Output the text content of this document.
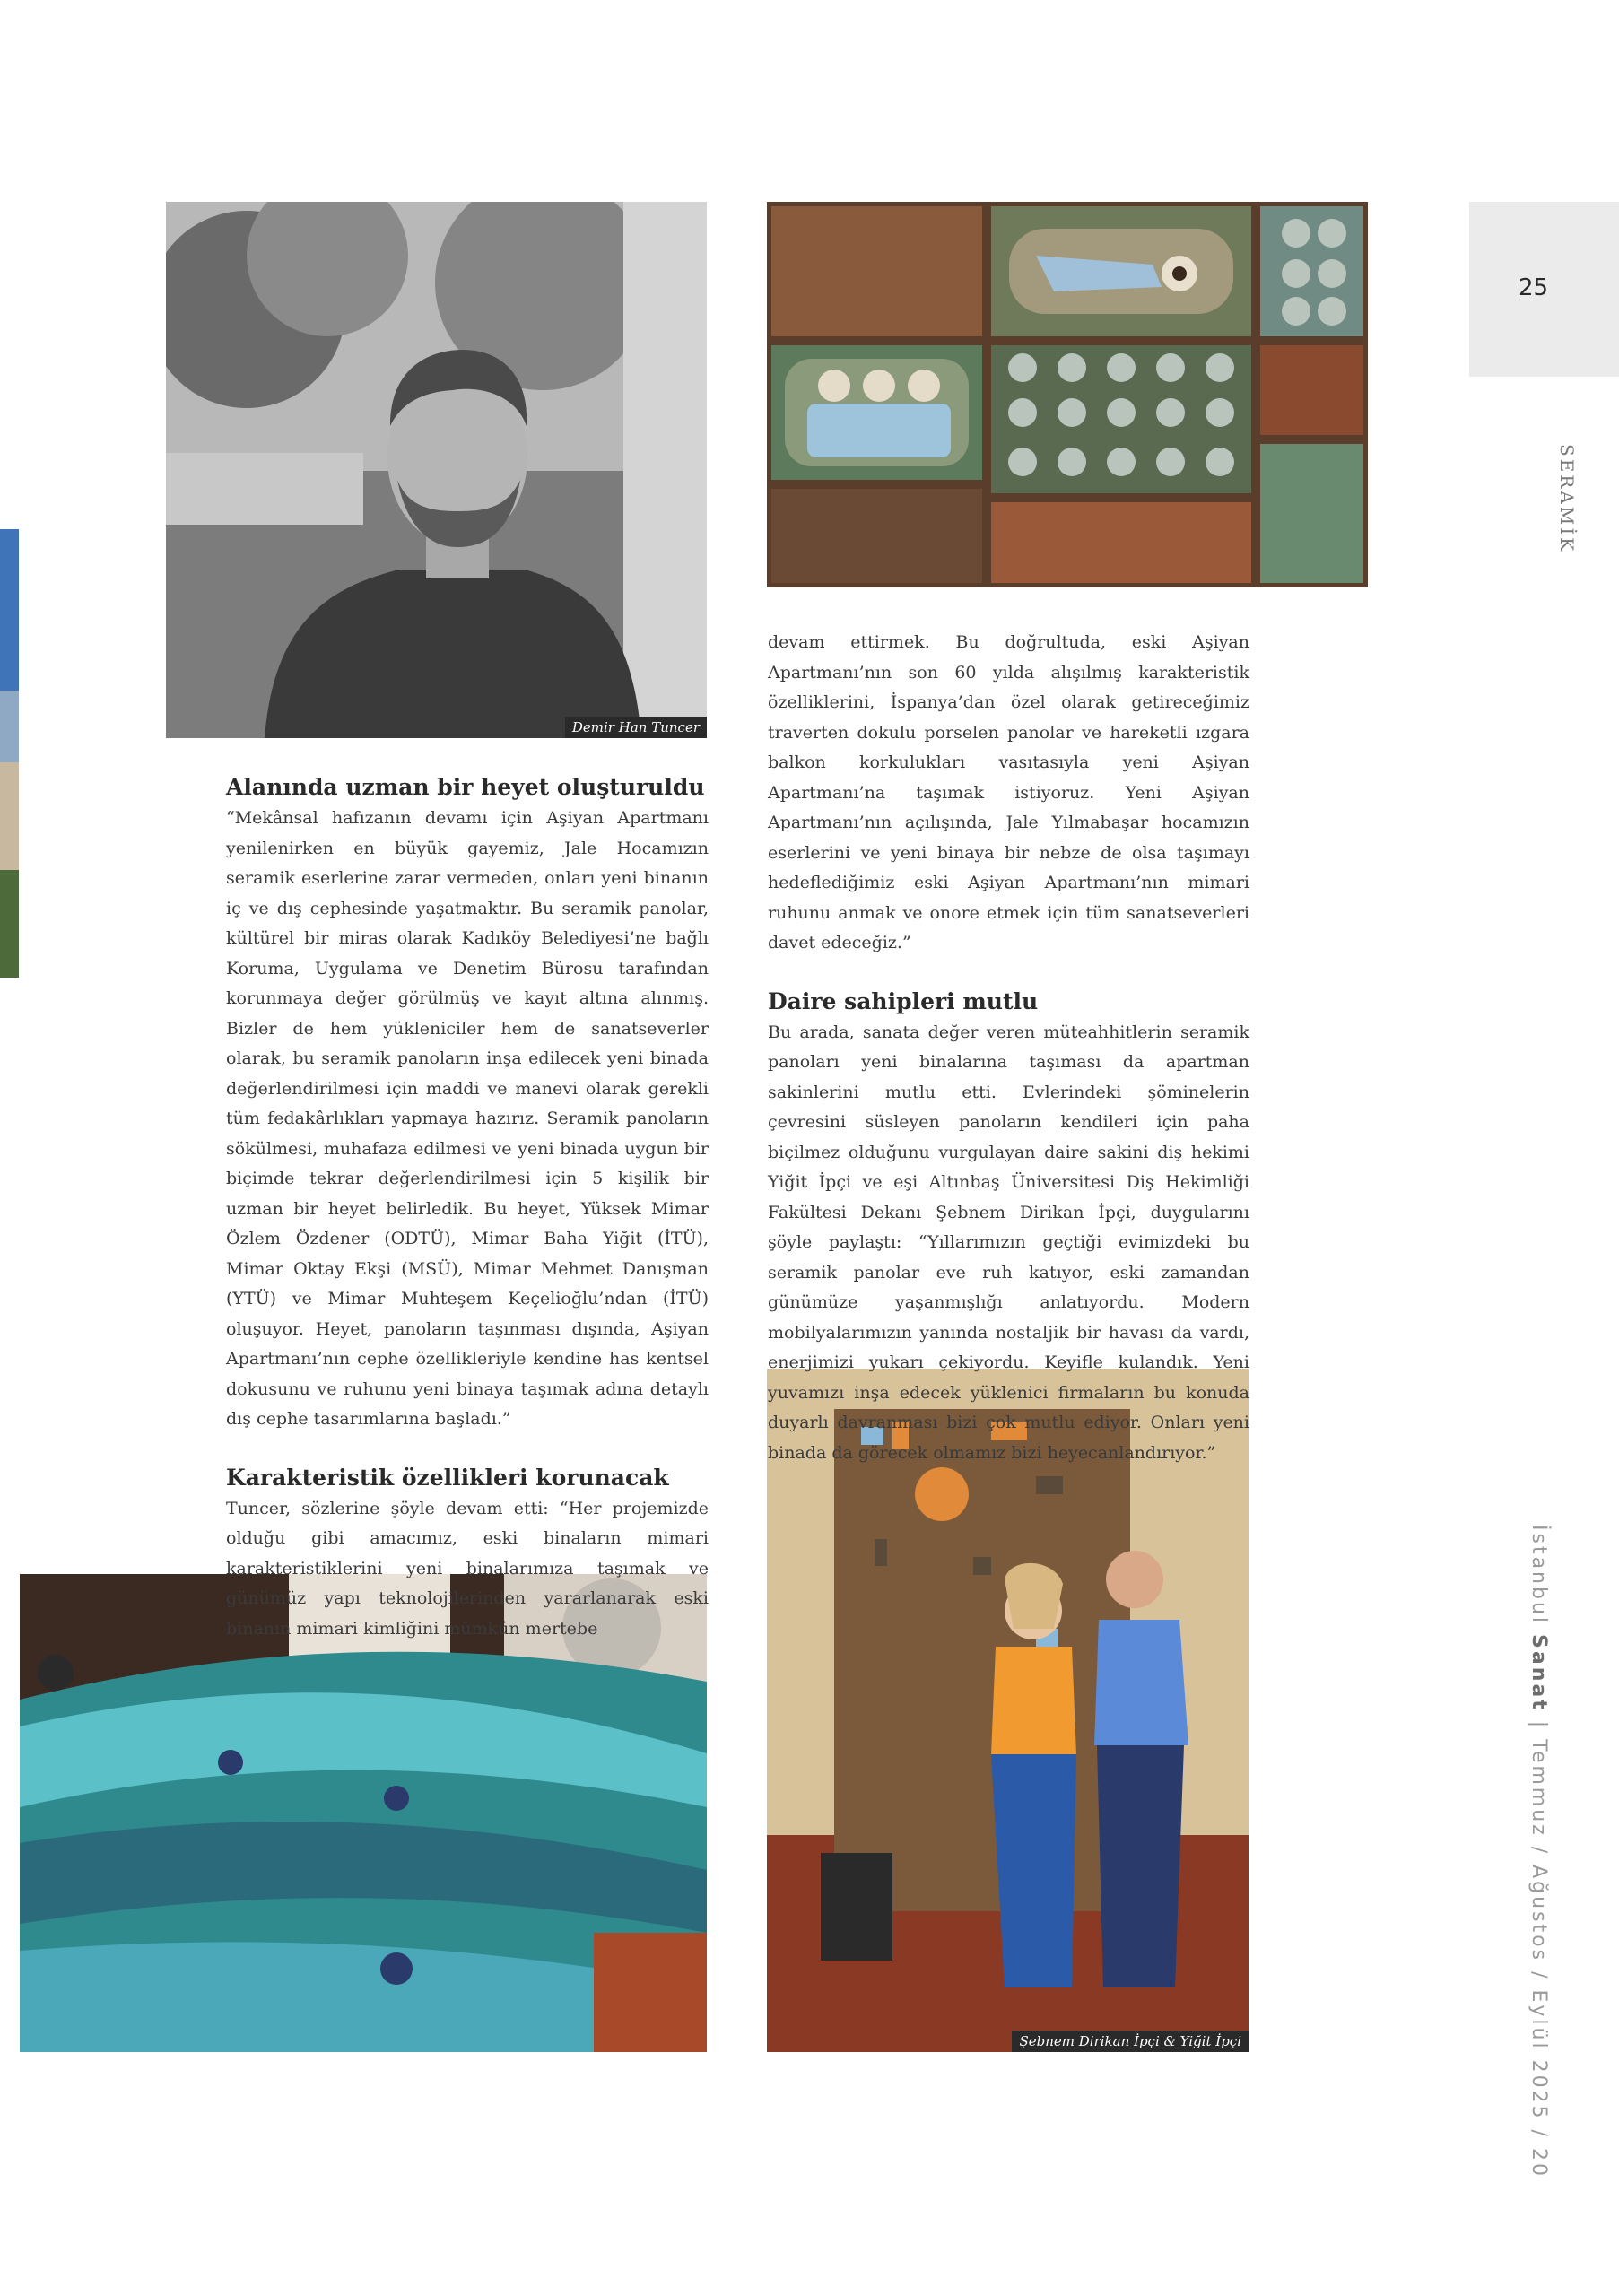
Demir Han Tuncer
Şebnem Dirikan İpçi & Yiğit İpçi
Alanında uzman bir heyet oluşturuldu

“Mekânsal hafızanın devamı için Aşiyan Apartmanı yenilenirken en büyük gayemiz, Jale Hocamızın seramik eserlerine zarar vermeden, onları yeni binanın iç ve dış cephesinde yaşatmaktır. Bu seramik panolar, kültürel bir miras olarak Kadıköy Belediyesi’ne bağlı Koruma, Uygulama ve Denetim Bürosu tarafından korunmaya değer görülmüş ve kayıt altına alınmış. Bizler de hem yükleniciler hem de sanatseverler olarak, bu seramik panoların inşa edilecek yeni binada değerlendirilmesi için maddi ve manevi olarak gerekli tüm fedakârlıkları yapmaya hazırız. Seramik panoların sökülmesi, muhafaza edilmesi ve yeni binada uygun bir biçimde tekrar değerlendirilmesi için 5 kişilik bir uzman bir heyet belirledik. Bu heyet, Yüksek Mimar Özlem Özdener (ODTÜ), Mimar Baha Yiğit (İTÜ), Mimar Oktay Ekşi (MSÜ), Mimar Mehmet Danışman (YTÜ) ve Mimar Muhteşem Keçelioğlu’ndan (İTÜ) oluşuyor. Heyet, panoların taşınması dışında, Aşiyan Apartmanı’nın cephe özellikleriyle kendine has kentsel dokusunu ve ruhunu yeni binaya taşımak adına detaylı dış cephe tasarımlarına başladı.”

Karakteristik özellikleri korunacak

Tuncer, sözlerine şöyle devam etti: “Her projemizde olduğu gibi amacımız, eski binaların mimari karakteristiklerini yeni binalarımıza taşımak ve günümüz yapı teknolojilerinden yararlanarak eski binanın mimari kimliğini mümkün mertebe

devam ettirmek. Bu doğrultuda, eski Aşiyan Apartmanı’nın son 60 yılda alışılmış karakteristik özelliklerini, İspanya’dan özel olarak getireceğimiz traverten dokulu porselen panolar ve hareketli ızgara balkon korkulukları vasıtasıyla yeni Aşiyan Apartmanı’na taşımak istiyoruz. Yeni Aşiyan Apartmanı’nın açılışında, Jale Yılmabaşar hocamızın eserlerini ve yeni binaya bir nebze de olsa taşımayı hedeflediğimiz eski Aşiyan Apartmanı’nın mimari ruhunu anmak ve onore etmek için tüm sanatseverleri davet edeceğiz.”

Daire sahipleri mutlu

Bu arada, sanata değer veren müteahhitlerin seramik panoları yeni binalarına taşıması da apartman sakinlerini mutlu etti. Evlerindeki şöminelerin çevresini süsleyen panoların kendileri için paha biçilmez olduğunu vurgulayan daire sakini diş hekimi Yiğit İpçi ve eşi Altınbaş Üniversitesi Diş Hekimliği Fakültesi Dekanı Şebnem Dirikan İpçi, duygularını şöyle paylaştı: “Yıllarımızın geçtiği evimizdeki bu seramik panolar eve ruh katıyor, eski zamandan günümüze yaşanmışlığı anlatıyordu. Modern mobilyalarımızın yanında nostaljik bir havası da vardı, enerjimizi yukarı çekiyordu. Keyifle kulandık. Yeni yuvamızı inşa edecek yüklenici firmaların bu konuda duyarlı davranması bizi çok mutlu ediyor. Onları yeni binada da görecek olmamız bizi heyecanlandırıyor.”

25
SERAMİK
İstanbul Sanat | Temmuz / Ağustos / Eylül 2025 / 20
